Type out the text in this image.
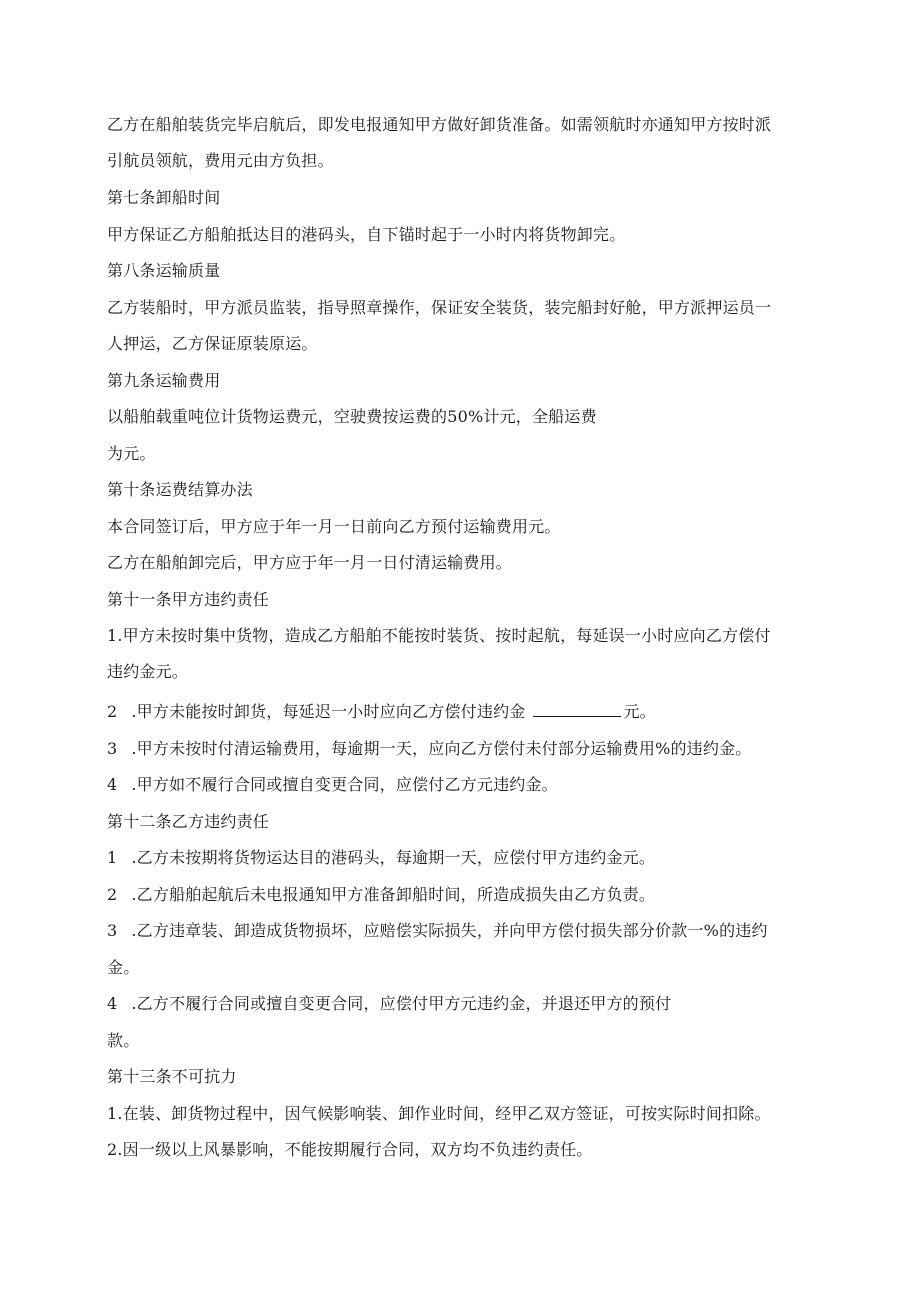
乙方在船舶装货完毕启航后，即发电报通知甲方做好卸货准备。如需领航时亦通知甲方按时派
引航员领航，费用元由方负担。
第七条卸船时间
甲方保证乙方船舶抵达目的港码头，自下锚时起于一小时内将货物卸完。
第八条运输质量
乙方装船时，甲方派员监装，指导照章操作，保证安全装货，装完船封好舱，甲方派押运员一
人押运，乙方保证原装原运。
第九条运输费用
以船舶载重吨位计货物运费元，空驶费按运费的50%计元，全船运费
为元。
第十条运费结算办法
本合同签订后，甲方应于年一月一日前向乙方预付运输费用元。
乙方在船舶卸完后，甲方应于年一月一日付清运输费用。
第十一条甲方违约责任
1.甲方未按时集中货物，造成乙方船舶不能按时装货、按时起航，每延误一小时应向乙方偿付
违约金元。
2 .甲方未能按时卸货，每延迟一小时应向乙方偿付违约金	元。
3 .甲方未按时付清运输费用，每逾期一天，应向乙方偿付未付部分运输费用%的违约金。
4 .甲方如不履行合同或擅自变更合同，应偿付乙方元违约金。
第十二条乙方违约责任
1 .乙方未按期将货物运达目的港码头，每逾期一天，应偿付甲方违约金元。
2 .乙方船舶起航后未电报通知甲方准备卸船时间，所造成损失由乙方负责。
3 .乙方违章装、卸造成货物损坏，应赔偿实际损失，并向甲方偿付损失部分价款一%的违约
金。
4 .乙方不履行合同或擅自变更合同，应偿付甲方元违约金，并退还甲方的预付
款。
第十三条不可抗力
1.在装、卸货物过程中，因气候影响装、卸作业时间，经甲乙双方签证，可按实际时间扣除。
2.因一级以上风暴影响，不能按期履行合同，双方均不负违约责任。
